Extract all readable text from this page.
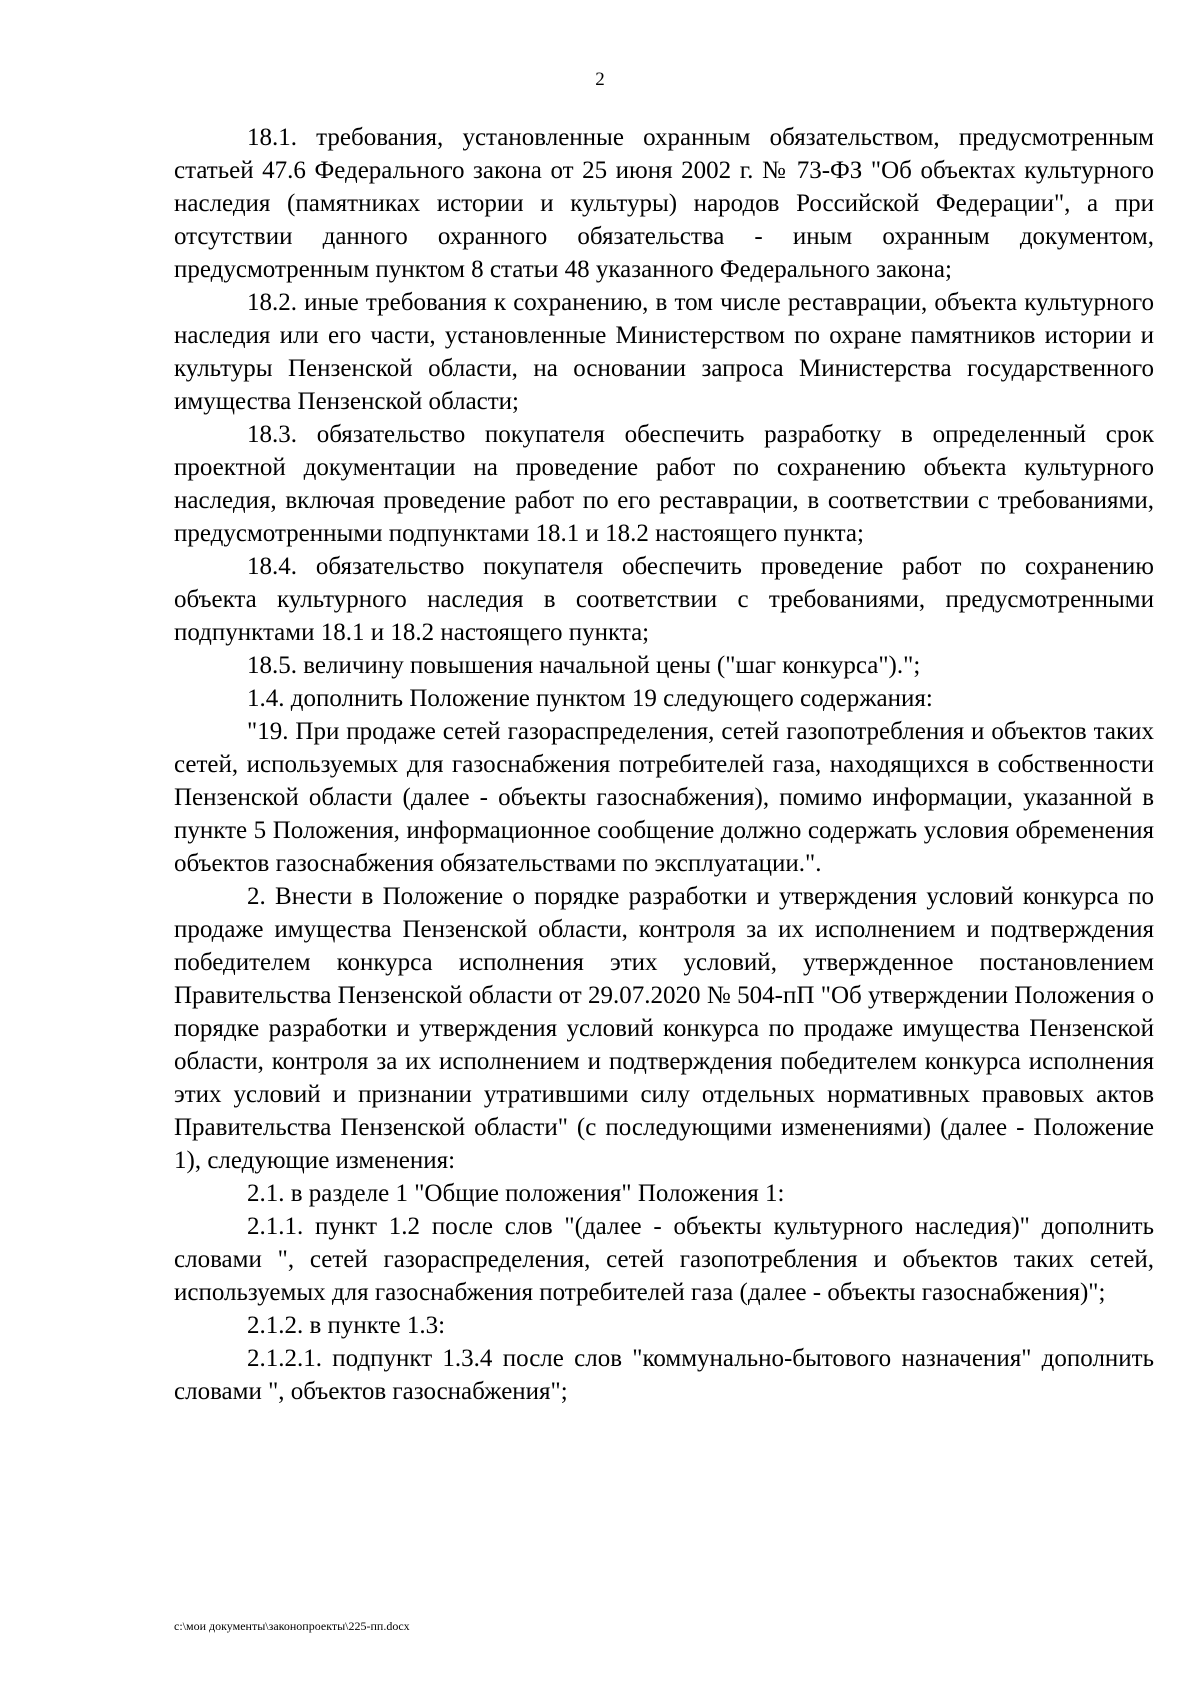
2

18.1. требования, установленные охранным обязательством, предусмотренным статьей 47.6 Федерального закона от 25 июня 2002 г. № 73-ФЗ "Об объектах культурного наследия (памятниках истории и культуры) народов Российской Федерации", а при отсутствии данного охранного обязательства - иным охранным документом, предусмотренным пунктом 8 статьи 48 указанного Федерального закона;

18.2. иные требования к сохранению, в том числе реставрации, объекта культурного наследия или его части, установленные Министерством по охране памятников истории и культуры Пензенской области, на основании запроса Министерства государственного имущества Пензенской области;

18.3. обязательство покупателя обеспечить разработку в определенный срок проектной документации на проведение работ по сохранению объекта культурного наследия, включая проведение работ по его реставрации, в соответствии с требованиями, предусмотренными подпунктами 18.1 и 18.2 настоящего пункта;

18.4. обязательство покупателя обеспечить проведение работ по сохранению объекта культурного наследия в соответствии с требованиями, предусмотренными подпунктами 18.1 и 18.2 настоящего пункта;

18.5. величину повышения начальной цены ("шаг конкурса").";

1.4. дополнить Положение пунктом 19 следующего содержания:

"19. При продаже сетей газораспределения, сетей газопотребления и объектов таких сетей, используемых для газоснабжения потребителей газа, находящихся в собственности Пензенской области (далее - объекты газоснабжения), помимо информации, указанной в пункте 5 Положения, информационное сообщение должно содержать условия обременения объектов газоснабжения обязательствами по эксплуатации.".

2. Внести в Положение о порядке разработки и утверждения условий конкурса по продаже имущества Пензенской области, контроля за их исполнением и подтверждения победителем конкурса исполнения этих условий, утвержденное постановлением Правительства Пензенской области от 29.07.2020 № 504-пП "Об утверждении Положения о порядке разработки и утверждения условий конкурса по продаже имущества Пензенской области, контроля за их исполнением и подтверждения победителем конкурса исполнения этих условий и признании утратившими силу отдельных нормативных правовых актов Правительства Пензенской области" (с последующими изменениями) (далее - Положение 1), следующие изменения:

2.1. в разделе 1 "Общие положения" Положения 1:

2.1.1. пункт 1.2 после слов "(далее - объекты культурного наследия)" дополнить словами ", сетей газораспределения, сетей газопотребления и объектов таких сетей, используемых для газоснабжения потребителей газа (далее - объекты газоснабжения)";

2.1.2. в пункте 1.3:

2.1.2.1. подпункт 1.3.4 после слов "коммунально-бытового назначения" дополнить словами ", объектов газоснабжения";

c:\мои документы\законопроекты\225-пп.docx
